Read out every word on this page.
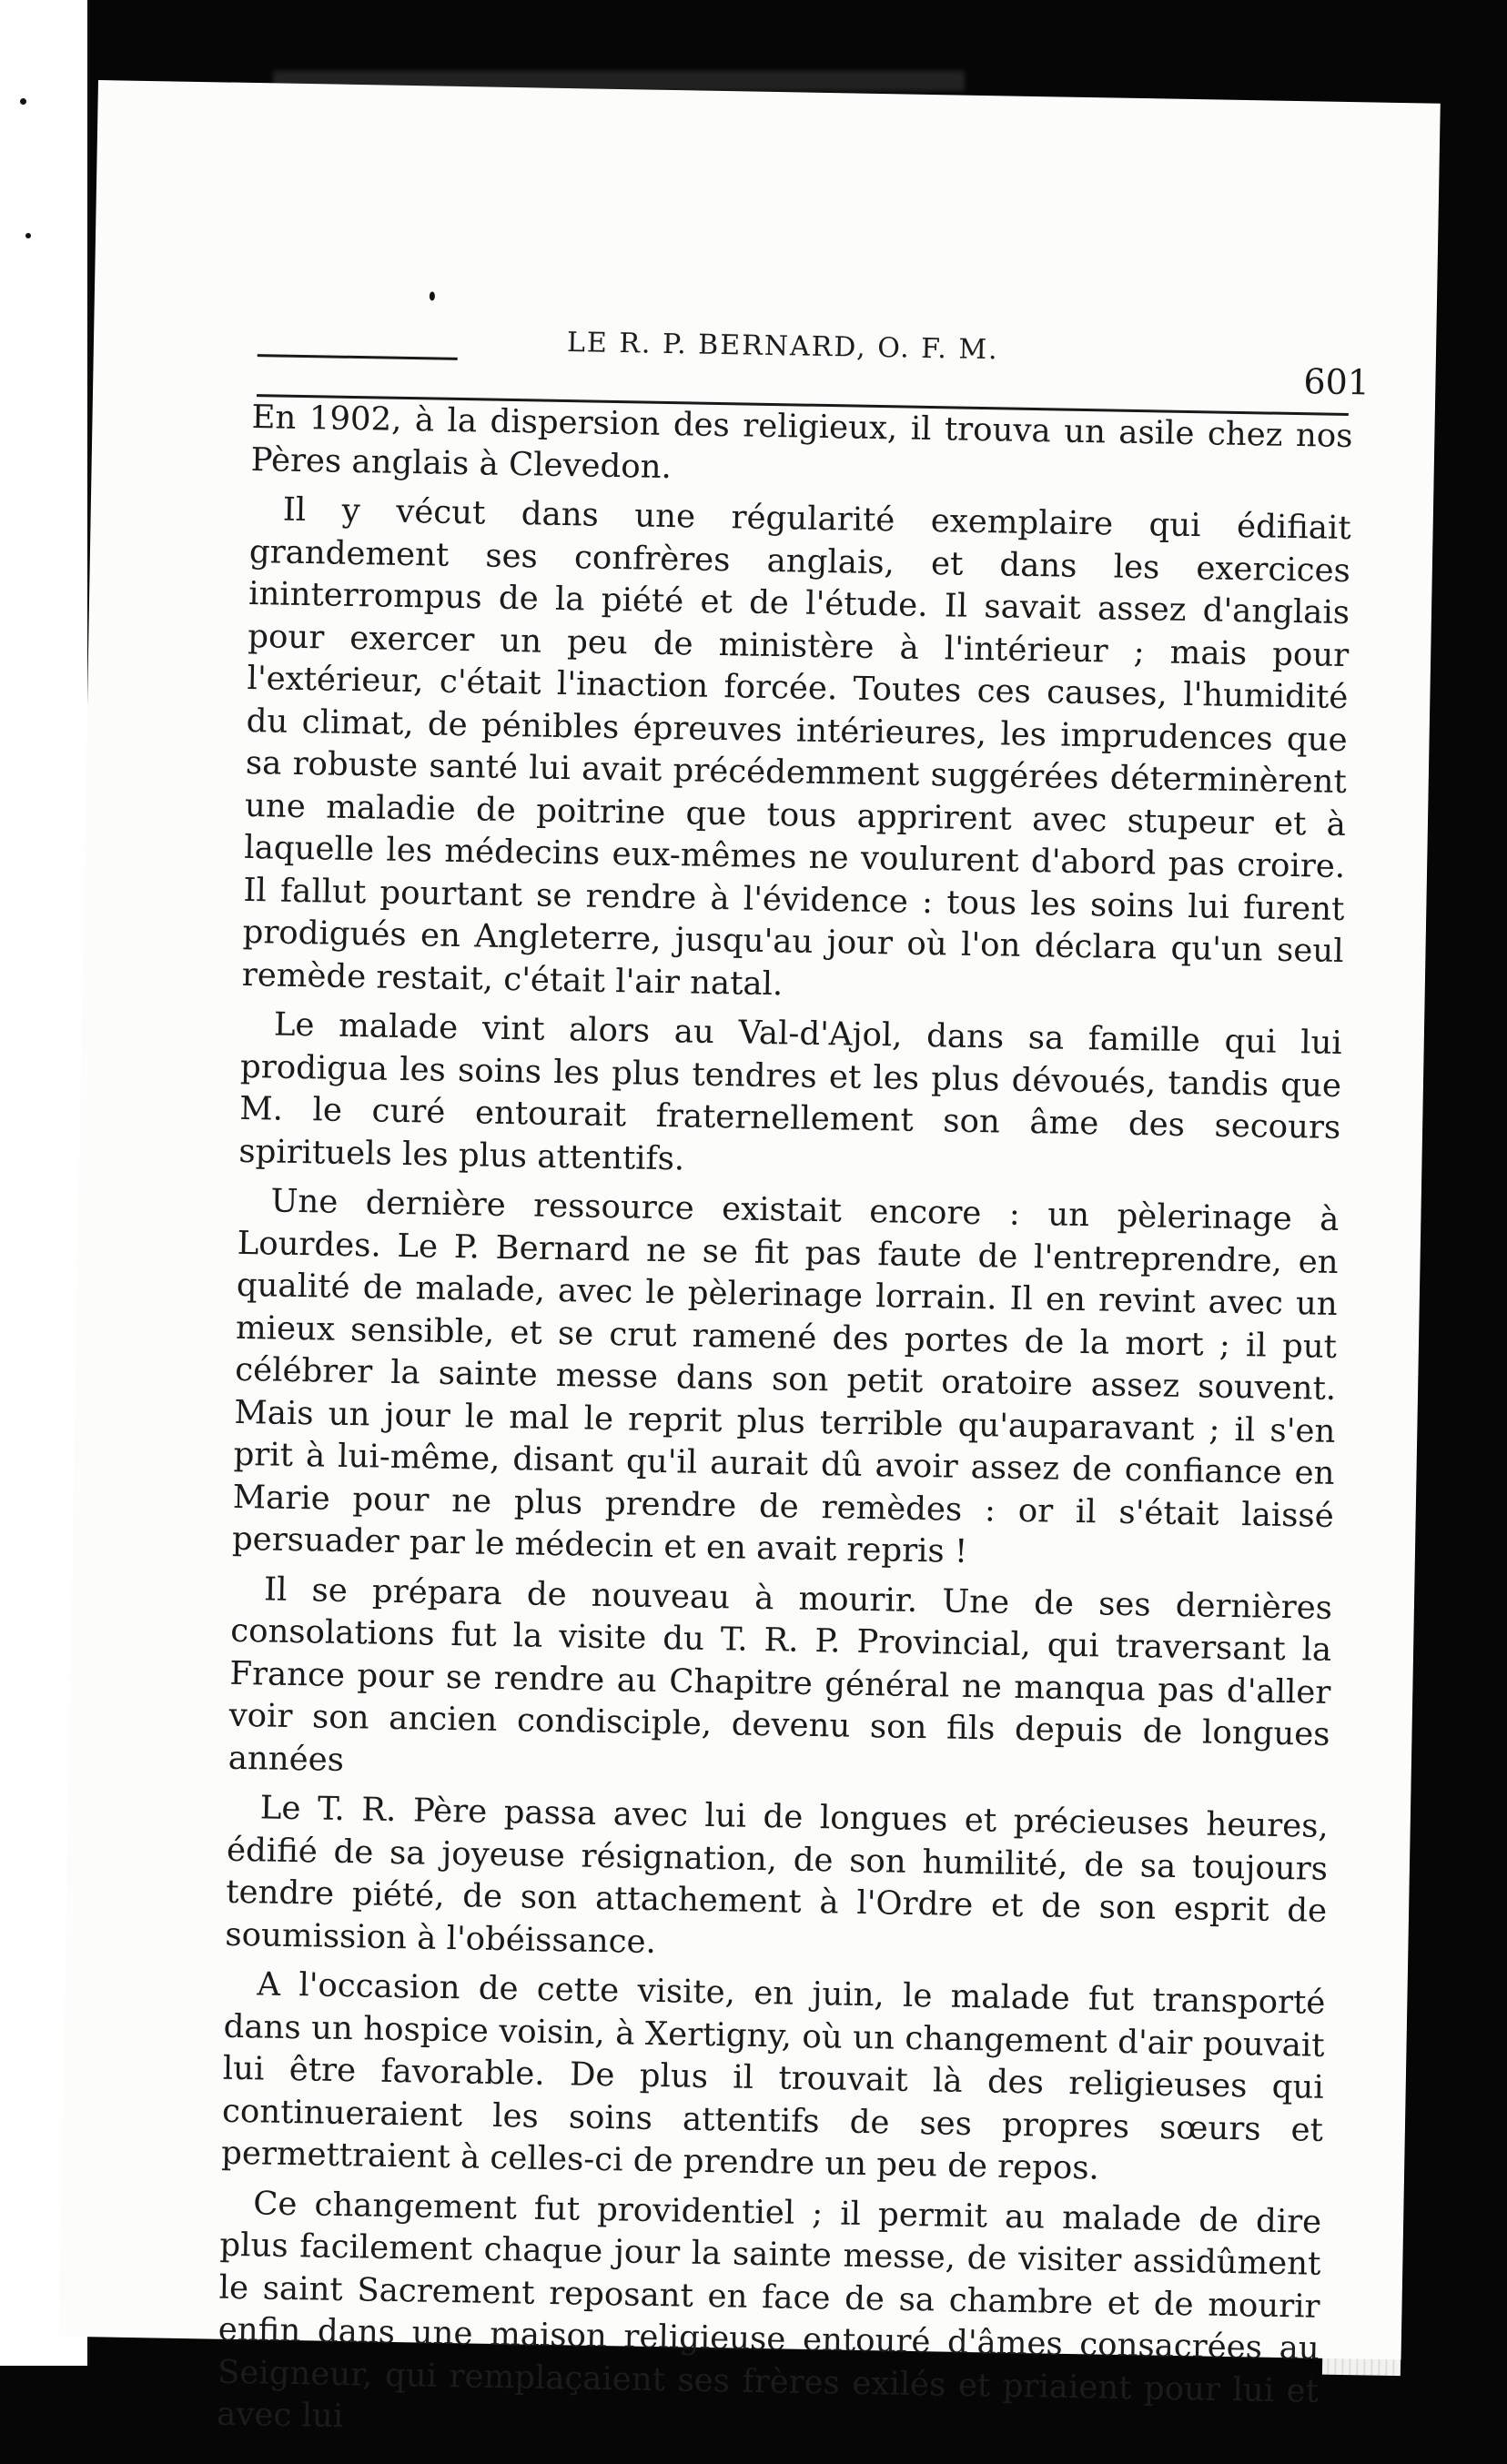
LE R. P. BERNARD, O. F. M.
601

En 1902, à la dispersion des religieux, il trouva un asile chez nos Pères anglais à Clevedon.

Il y vécut dans une régularité exemplaire qui édifiait grandement ses confrères anglais, et dans les exercices ininterrompus de la piété et de l'étude. Il savait assez d'anglais pour exercer un peu de ministère à l'intérieur ; mais pour l'extérieur, c'était l'inaction forcée. Toutes ces causes, l'humidité du climat, de pénibles épreuves intérieures, les imprudences que sa robuste santé lui avait précédemment suggérées déterminèrent une maladie de poitrine que tous apprirent avec stupeur et à laquelle les médecins eux-mêmes ne voulurent d'abord pas croire. Il fallut pourtant se rendre à l'évidence : tous les soins lui furent prodigués en Angleterre, jusqu'au jour où l'on déclara qu'un seul remède restait, c'était l'air natal.

Le malade vint alors au Val-d'Ajol, dans sa famille qui lui prodigua les soins les plus tendres et les plus dévoués, tandis que M. le curé entourait fraternellement son âme des secours spirituels les plus attentifs.

Une dernière ressource existait encore : un pèlerinage à Lourdes. Le P. Bernard ne se fit pas faute de l'entreprendre, en qualité de malade, avec le pèlerinage lorrain. Il en revint avec un mieux sensible, et se crut ramené des portes de la mort ; il put célébrer la sainte messe dans son petit oratoire assez souvent. Mais un jour le mal le reprit plus terrible qu'auparavant ; il s'en prit à lui-même, disant qu'il aurait dû avoir assez de confiance en Marie pour ne plus prendre de remèdes : or il s'était laissé persuader par le médecin et en avait repris !

Il se prépara de nouveau à mourir. Une de ses dernières consolations fut la visite du T. R. P. Provincial, qui traversant la France pour se rendre au Chapitre général ne manqua pas d'aller voir son ancien condisciple, devenu son fils depuis de longues années

Le T. R. Père passa avec lui de longues et précieuses heures, édifié de sa joyeuse résignation, de son humilité, de sa toujours tendre piété, de son attachement à l'Ordre et de son esprit de soumission à l'obéissance.

A l'occasion de cette visite, en juin, le malade fut transporté dans un hospice voisin, à Xertigny, où un changement d'air pouvait lui être favorable. De plus il trouvait là des religieuses qui continueraient les soins attentifs de ses propres sœurs et permettraient à celles-ci de prendre un peu de repos.

Ce changement fut providentiel ; il permit au malade de dire plus facilement chaque jour la sainte messe, de visiter assidûment le saint Sacrement reposant en face de sa chambre et de mourir enfin dans une maison religieuse entouré d'âmes consacrées au Seigneur, qui remplaçaient ses frères exilés et priaient pour lui et avec lui
